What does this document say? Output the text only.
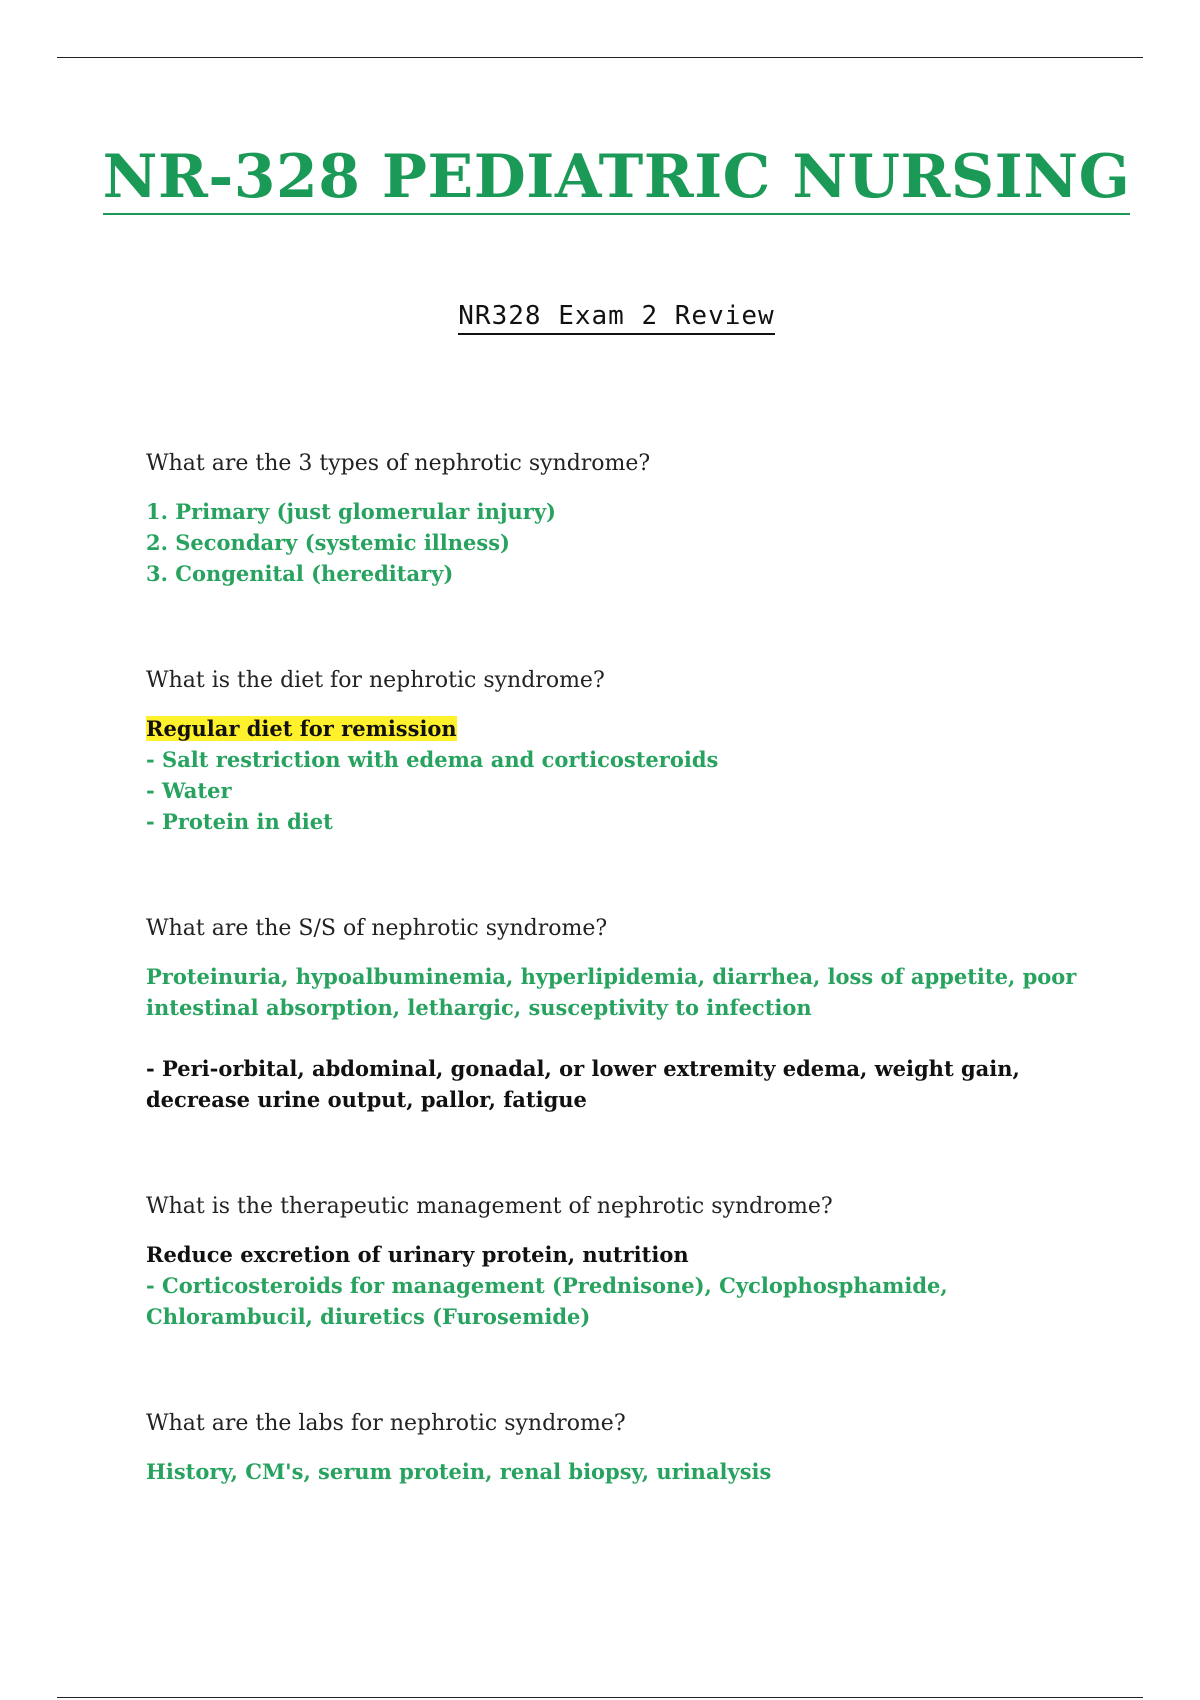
NR-328 PEDIATRIC NURSING
NR328 Exam 2 Review

What are the 3 types of nephrotic syndrome?

1. Primary (just glomerular injury)

2. Secondary (systemic illness)

3. Congenital (hereditary)

What is the diet for nephrotic syndrome?

Regular diet for remission

- Salt restriction with edema and corticosteroids

- Water

- Protein in diet

What are the S/S of nephrotic syndrome?

Proteinuria, hypoalbuminemia, hyperlipidemia, diarrhea, loss of appetite, poor intestinal absorption, lethargic, susceptivity to infection

- Peri-orbital, abdominal, gonadal, or lower extremity edema, weight gain, decrease urine output, pallor, fatigue

What is the therapeutic management of nephrotic syndrome?

Reduce excretion of urinary protein, nutrition

- Corticosteroids for management (Prednisone), Cyclophosphamide, Chlorambucil, diuretics (Furosemide)

What are the labs for nephrotic syndrome?

History, CM's, serum protein, renal biopsy, urinalysis
